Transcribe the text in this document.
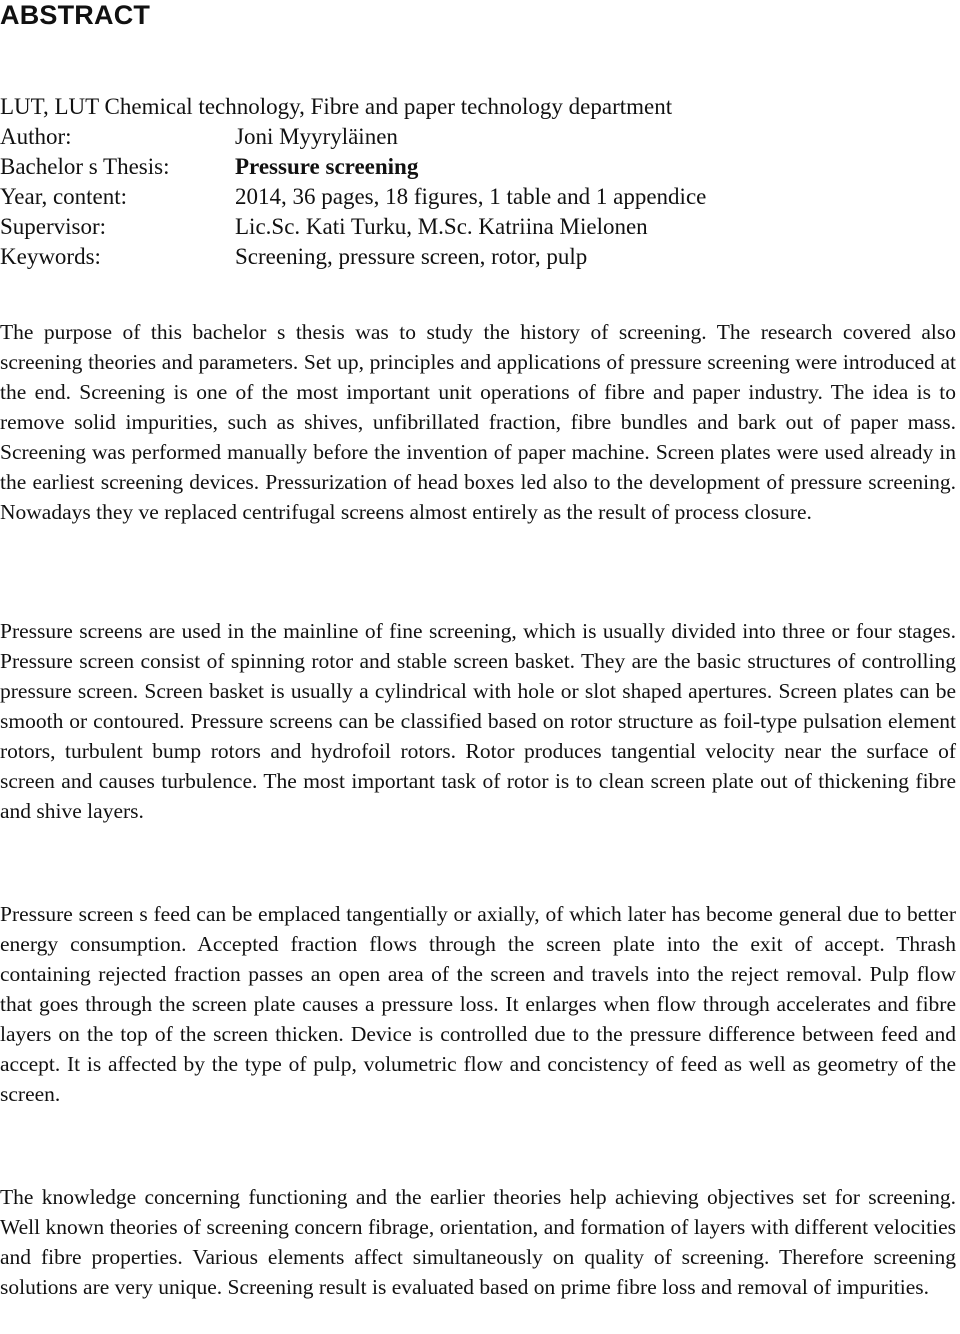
ABSTRACT
LUT, LUT Chemical technology, Fibre and paper technology department
Author:	Joni Myyryläinen
Bachelor s Thesis:	Pressure screening
Year, content:	2014, 36 pages, 18 figures, 1 table and 1 appendice
Supervisor:	Lic.Sc. Kati Turku, M.Sc. Katriina Mielonen
Keywords:	Screening, pressure screen, rotor, pulp

The purpose of this bachelor s thesis was to study the history of screening. The research covered also screening theories and parameters. Set up, principles and applications of pressure screening were introduced at the end. Screening is one of the most important unit operations of fibre and paper industry. The idea is to remove solid impurities, such as shives, unfibrillated fraction, fibre bundles and bark out of paper mass. Screening was performed manually before the invention of paper machine. Screen plates were used already in the earliest screening devices. Pressurization of head boxes led also to the development of pressure screening. Nowadays they ve replaced centrifugal screens almost entirely as the result of process closure.

Pressure screens are used in the mainline of fine screening, which is usually divided into three or four stages. Pressure screen consist of spinning rotor and stable screen basket. They are the basic structures of controlling pressure screen. Screen basket is usually a cylindrical with hole or slot shaped apertures. Screen plates can be smooth or contoured. Pressure screens can be classified based on rotor structure as foil-type pulsation element rotors, turbulent bump rotors and hydrofoil rotors. Rotor produces tangential velocity near the surface of screen and causes turbulence. The most important task of rotor is to clean screen plate out of thickening fibre and shive layers.

Pressure screen s feed can be emplaced tangentially or axially, of which later has become general due to better energy consumption. Accepted fraction flows through the screen plate into the exit of accept. Thrash containing rejected fraction passes an open area of the screen and travels into the reject removal. Pulp flow that goes through the screen plate causes a pressure loss. It enlarges when flow through accelerates and fibre layers on the top of the screen thicken. Device is controlled due to the pressure difference between feed and accept. It is affected by the type of pulp, volumetric flow and concistency of feed as well as geometry of the screen.

The knowledge concerning functioning and the earlier theories help achieving objectives set for screening. Well known theories of screening concern fibrage, orientation, and formation of layers with different velocities and fibre properties. Various elements affect simultaneously on quality of screening. Therefore screening solutions are very unique. Screening result is evaluated based on prime fibre loss and removal of impurities.
